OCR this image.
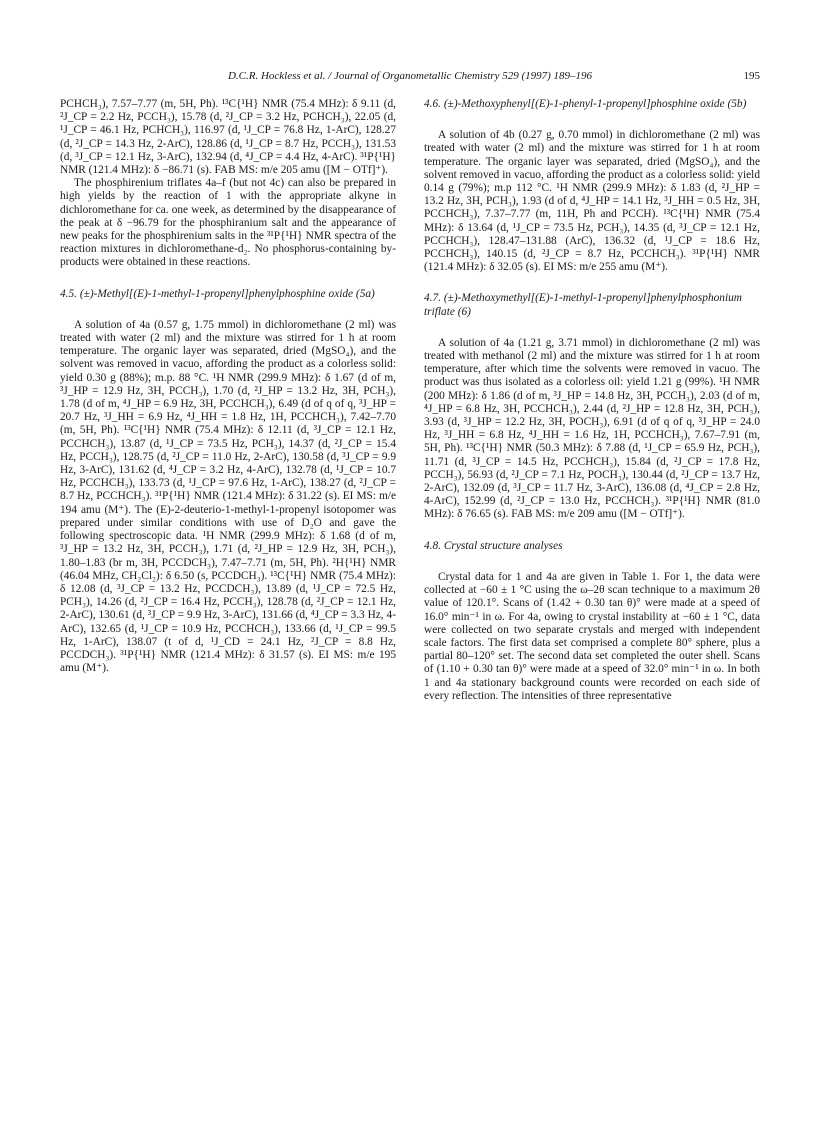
D.C.R. Hockless et al. / Journal of Organometallic Chemistry 529 (1997) 189–196	195

PCHCH₃), 7.57–7.77 (m, 5H, Ph). ¹³C{¹H} NMR (75.4 MHz): δ 9.11 (d, ²J_CP = 2.2 Hz, PCCH₃), 15.78 (d, ²J_CP = 3.2 Hz, PCHCH₃), 22.05 (d, ¹J_CP = 46.1 Hz, PCHCH₃), 116.97 (d, ¹J_CP = 76.8 Hz, 1-ArC), 128.27 (d, ²J_CP = 14.3 Hz, 2-ArC), 128.86 (d, ¹J_CP = 8.7 Hz, PCCH₃), 131.53 (d, ³J_CP = 12.1 Hz, 3-ArC), 132.94 (d, ⁴J_CP = 4.4 Hz, 4-ArC). ³¹P{¹H} NMR (121.4 MHz): δ −86.71 (s). FAB MS: m/e 205 amu ([M − OTf]⁺).

The phosphirenium triflates 4a–f (but not 4c) can also be prepared in high yields by the reaction of 1 with the appropriate alkyne in dichloromethane for ca. one week, as determined by the disappearance of the peak at δ −96.79 for the phosphiranium salt and the appearance of new peaks for the phosphirenium salts in the ³¹P{¹H} NMR spectra of the reaction mixtures in dichloromethane-d₂. No phosphorus-containing by-products were obtained in these reactions.

4.5. (±)-Methyl[(E)-1-methyl-1-propenyl]phenylphosphine oxide (5a)

A solution of 4a (0.57 g, 1.75 mmol) in dichloromethane (2 ml) was treated with water (2 ml) and the mixture was stirred for 1 h at room temperature. The organic layer was separated, dried (MgSO₄), and the solvent was removed in vacuo, affording the product as a colorless solid: yield 0.30 g (88%); m.p. 88 °C. ¹H NMR (299.9 MHz): δ 1.67 (d of m, ³J_HP = 12.9 Hz, 3H, PCCH₃), 1.70 (d, ²J_HP = 13.2 Hz, 3H, PCH₃), 1.78 (d of m, ⁴J_HP = 6.9 Hz, 3H, PCCHCH₃), 6.49 (d of q of q, ³J_HP = 20.7 Hz, ³J_HH = 6.9 Hz, ⁴J_HH = 1.8 Hz, 1H, PCCHCH₃), 7.42–7.70 (m, 5H, Ph). ¹³C{¹H} NMR (75.4 MHz): δ 12.11 (d, ³J_CP = 12.1 Hz, PCCHCH₃), 13.87 (d, ¹J_CP = 73.5 Hz, PCH₃), 14.37 (d, ²J_CP = 15.4 Hz, PCCH₃), 128.75 (d, ²J_CP = 11.0 Hz, 2-ArC), 130.58 (d, ³J_CP = 9.9 Hz, 3-ArC), 131.62 (d, ⁴J_CP = 3.2 Hz, 4-ArC), 132.78 (d, ¹J_CP = 10.7 Hz, PCCHCH₃), 133.73 (d, ¹J_CP = 97.6 Hz, 1-ArC), 138.27 (d, ²J_CP = 8.7 Hz, PCCHCH₃). ³¹P{¹H} NMR (121.4 MHz): δ 31.22 (s). EI MS: m/e 194 amu (M⁺). The (E)-2-deuterio-1-methyl-1-propenyl isotopomer was prepared under similar conditions with use of D₂O and gave the following spectroscopic data. ¹H NMR (299.9 MHz): δ 1.68 (d of m, ³J_HP = 13.2 Hz, 3H, PCCH₃), 1.71 (d, ²J_HP = 12.9 Hz, 3H, PCH₃), 1.80–1.83 (br m, 3H, PCCDCH₃), 7.47–7.71 (m, 5H, Ph). ²H{¹H} NMR (46.04 MHz, CH₂Cl₂): δ 6.50 (s, PCCDCH₃). ¹³C{¹H} NMR (75.4 MHz): δ 12.08 (d, ³J_CP = 13.2 Hz, PCCDCH₃), 13.89 (d, ¹J_CP = 72.5 Hz, PCH₃), 14.26 (d, ²J_CP = 16.4 Hz, PCCH₃), 128.78 (d, ²J_CP = 12.1 Hz, 2-ArC), 130.61 (d, ³J_CP = 9.9 Hz, 3-ArC), 131.66 (d, ⁴J_CP = 3.3 Hz, 4-ArC), 132.65 (d, ¹J_CP = 10.9 Hz, PCCHCH₃), 133.66 (d, ¹J_CP = 99.5 Hz, 1-ArC), 138.07 (t of d, ¹J_CD = 24.1 Hz, ²J_CP = 8.8 Hz, PCCDCH₃). ³¹P{¹H} NMR (121.4 MHz): δ 31.57 (s). EI MS: m/e 195 amu (M⁺).

4.6. (±)-Methoxyphenyl[(E)-1-phenyl-1-propenyl]phosphine oxide (5b)

A solution of 4b (0.27 g, 0.70 mmol) in dichloromethane (2 ml) was treated with water (2 ml) and the mixture was stirred for 1 h at room temperature. The organic layer was separated, dried (MgSO₄), and the solvent removed in vacuo, affording the product as a colorless solid: yield 0.14 g (79%); m.p 112 °C. ¹H NMR (299.9 MHz): δ 1.83 (d, ²J_HP = 13.2 Hz, 3H, PCH₃), 1.93 (d of d, ⁴J_HP = 14.1 Hz, ³J_HH = 0.5 Hz, 3H, PCCHCH₃), 7.37–7.77 (m, 11H, Ph and PCCH). ¹³C{¹H} NMR (75.4 MHz): δ 13.64 (d, ¹J_CP = 73.5 Hz, PCH₃), 14.35 (d, ³J_CP = 12.1 Hz, PCCHCH₃), 128.47–131.88 (ArC), 136.32 (d, ¹J_CP = 18.6 Hz, PCCHCH₃), 140.15 (d, ²J_CP = 8.7 Hz, PCCHCH₃). ³¹P{¹H} NMR (121.4 MHz): δ 32.05 (s). EI MS: m/e 255 amu (M⁺).

4.7. (±)-Methoxymethyl[(E)-1-methyl-1-propenyl]phenylphosphonium triflate (6)

A solution of 4a (1.21 g, 3.71 mmol) in dichloromethane (2 ml) was treated with methanol (2 ml) and the mixture was stirred for 1 h at room temperature, after which time the solvents were removed in vacuo. The product was thus isolated as a colorless oil: yield 1.21 g (99%). ¹H NMR (200 MHz): δ 1.86 (d of m, ³J_HP = 14.8 Hz, 3H, PCCH₃), 2.03 (d of m, ⁴J_HP = 6.8 Hz, 3H, PCCHCH₃), 2.44 (d, ²J_HP = 12.8 Hz, 3H, PCH₃), 3.93 (d, ³J_HP = 12.2 Hz, 3H, POCH₃), 6.91 (d of q of q, ³J_HP = 24.0 Hz, ³J_HH = 6.8 Hz, ⁴J_HH = 1.6 Hz, 1H, PCCHCH₃), 7.67–7.91 (m, 5H, Ph). ¹³C{¹H} NMR (50.3 MHz): δ 7.88 (d, ¹J_CP = 65.9 Hz, PCH₃), 11.71 (d, ³J_CP = 14.5 Hz, PCCHCH₃), 15.84 (d, ²J_CP = 17.8 Hz, PCCH₃), 56.93 (d, ²J_CP = 7.1 Hz, POCH₃), 130.44 (d, ²J_CP = 13.7 Hz, 2-ArC), 132.09 (d, ³J_CP = 11.7 Hz, 3-ArC), 136.08 (d, ⁴J_CP = 2.8 Hz, 4-ArC), 152.99 (d, ²J_CP = 13.0 Hz, PCCHCH₃). ³¹P{¹H} NMR (81.0 MHz): δ 76.65 (s). FAB MS: m/e 209 amu ([M − OTf]⁺).

4.8. Crystal structure analyses

Crystal data for 1 and 4a are given in Table 1. For 1, the data were collected at −60 ± 1 °C using the ω–2θ scan technique to a maximum 2θ value of 120.1°. Scans of (1.42 + 0.30 tan θ)° were made at a speed of 16.0° min⁻¹ in ω. For 4a, owing to crystal instability at −60 ± 1 °C, data were collected on two separate crystals and merged with independent scale factors. The first data set comprised a complete 80° sphere, plus a partial 80–120° set. The second data set completed the outer shell. Scans of (1.10 + 0.30 tan θ)° were made at a speed of 32.0° min⁻¹ in ω. In both 1 and 4a stationary background counts were recorded on each side of every reflection. The intensities of three representative
